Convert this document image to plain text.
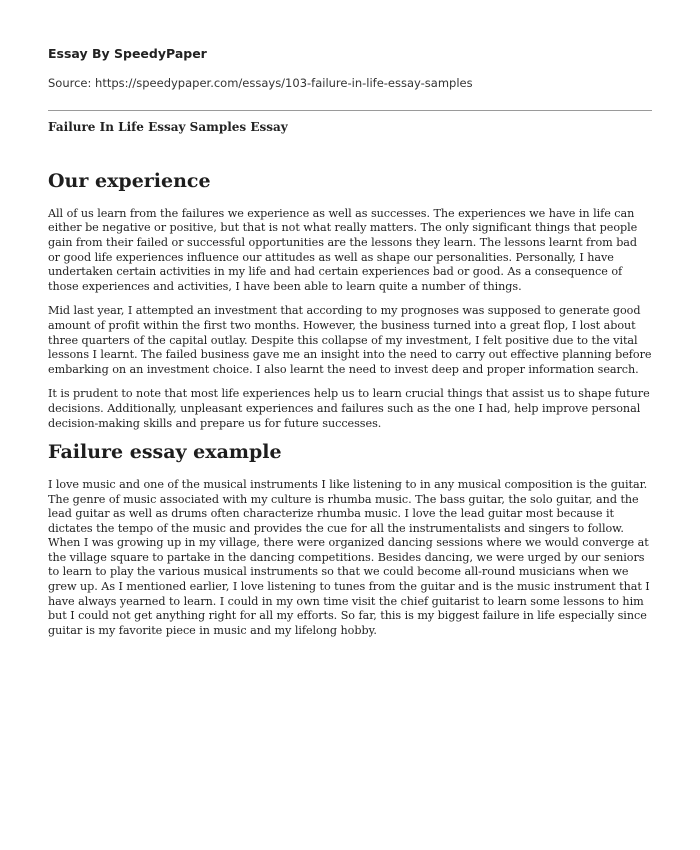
Essay By SpeedyPaper
Source: https://speedypaper.com/essays/103-failure-in-life-essay-samples
Failure In Life Essay Samples Essay
Our experience

All of us learn from the failures we experience as well as successes. The experiences we have in life can either be negative or positive, but that is not what really matters. The only significant things that people gain from their failed or successful opportunities are the lessons they learn. The lessons learnt from bad or good life experiences influence our attitudes as well as shape our personalities. Personally, I have undertaken certain activities in my life and had certain experiences bad or good. As a consequence of those experiences and activities, I have been able to learn quite a number of things.

Mid last year, I attempted an investment that according to my prognoses was supposed to generate good amount of profit within the first two months. However, the business turned into a great flop, I lost about three quarters of the capital outlay. Despite this collapse of my investment, I felt positive due to the vital lessons I learnt. The failed business gave me an insight into the need to carry out effective planning before embarking on an investment choice. I also learnt the need to invest deep and proper information search.

It is prudent to note that most life experiences help us to learn crucial things that assist us to shape future decisions. Additionally, unpleasant experiences and failures such as the one I had, help improve personal decision-making skills and prepare us for future successes.

Failure essay example

I love music and one of the musical instruments I like listening to in any musical composition is the guitar. The genre of music associated with my culture is rhumba music. The bass guitar, the solo guitar, and the lead guitar as well as drums often characterize rhumba music. I love the lead guitar most because it dictates the tempo of the music and provides the cue for all the instrumentalists and singers to follow. When I was growing up in my village, there were organized dancing sessions where we would converge at the village square to partake in the dancing competitions. Besides dancing, we were urged by our seniors to learn to play the various musical instruments so that we could become all-round musicians when we grew up. As I mentioned earlier, I love listening to tunes from the guitar and is the music instrument that I have always yearned to learn. I could in my own time visit the chief guitarist to learn some lessons to him but I could not get anything right for all my efforts. So far, this is my biggest failure in life especially since guitar is my favorite piece in music and my lifelong hobby.
